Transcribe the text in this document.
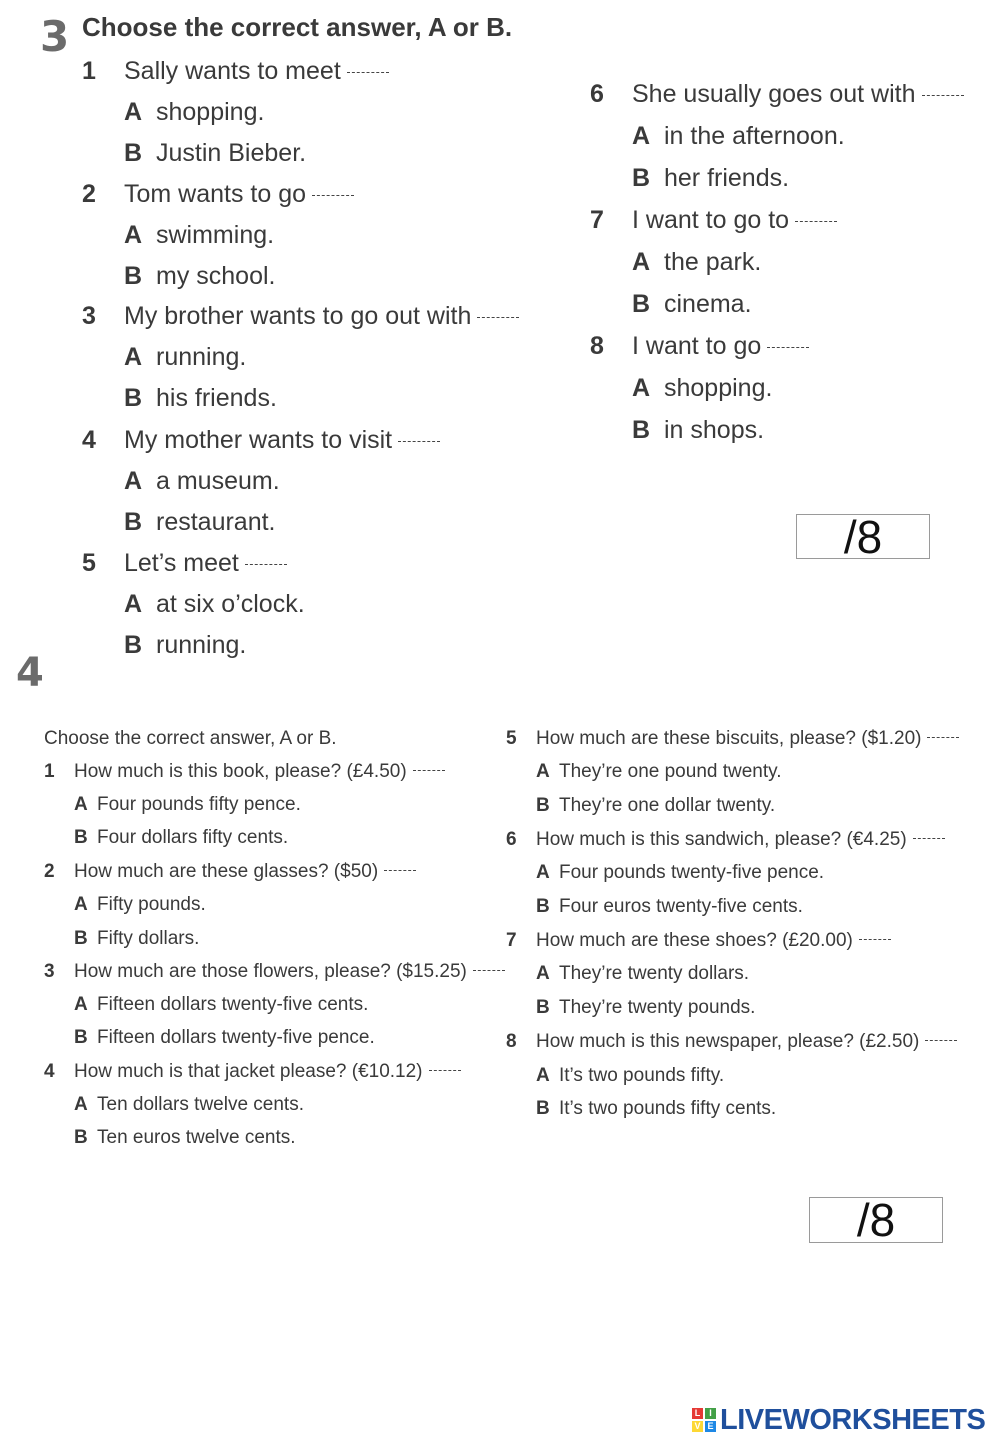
3 Choose the correct answer, A or B.
1 Sally wants to meet
A shopping.
B Justin Bieber.
2 Tom wants to go
A swimming.
B my school.
3 My brother wants to go out with
A running.
B his friends.
4 My mother wants to visit
A a museum.
B restaurant.
5 Let’s meet
A at six o’clock.
B running.
6 She usually goes out with
A in the afternoon.
B her friends.
7 I want to go to
A the park.
B cinema.
8 I want to go
A shopping.
B in shops.
/8
4
Choose the correct answer, A or B.
1 How much is this book, please? (£4.50)
A Four pounds fifty pence.
B Four dollars fifty cents.
2 How much are these glasses? ($50)
A Fifty pounds.
B Fifty dollars.
3 How much are those flowers, please? ($15.25)
A Fifteen dollars twenty-five cents.
B Fifteen dollars twenty-five pence.
4 How much is that jacket please? (€10.12)
A Ten dollars twelve cents.
B Ten euros twelve cents.
5 How much are these biscuits, please? ($1.20)
A They’re one pound twenty.
B They’re one dollar twenty.
6 How much is this sandwich, please? (€4.25)
A Four pounds twenty-five pence.
B Four euros twenty-five cents.
7 How much are these shoes? (£20.00)
A They’re twenty dollars.
B They’re twenty pounds.
8 How much is this newspaper, please? (£2.50)
A It’s two pounds fifty.
B It’s two pounds fifty cents.
/8
L I
V E LIVEWORKSHEETS
